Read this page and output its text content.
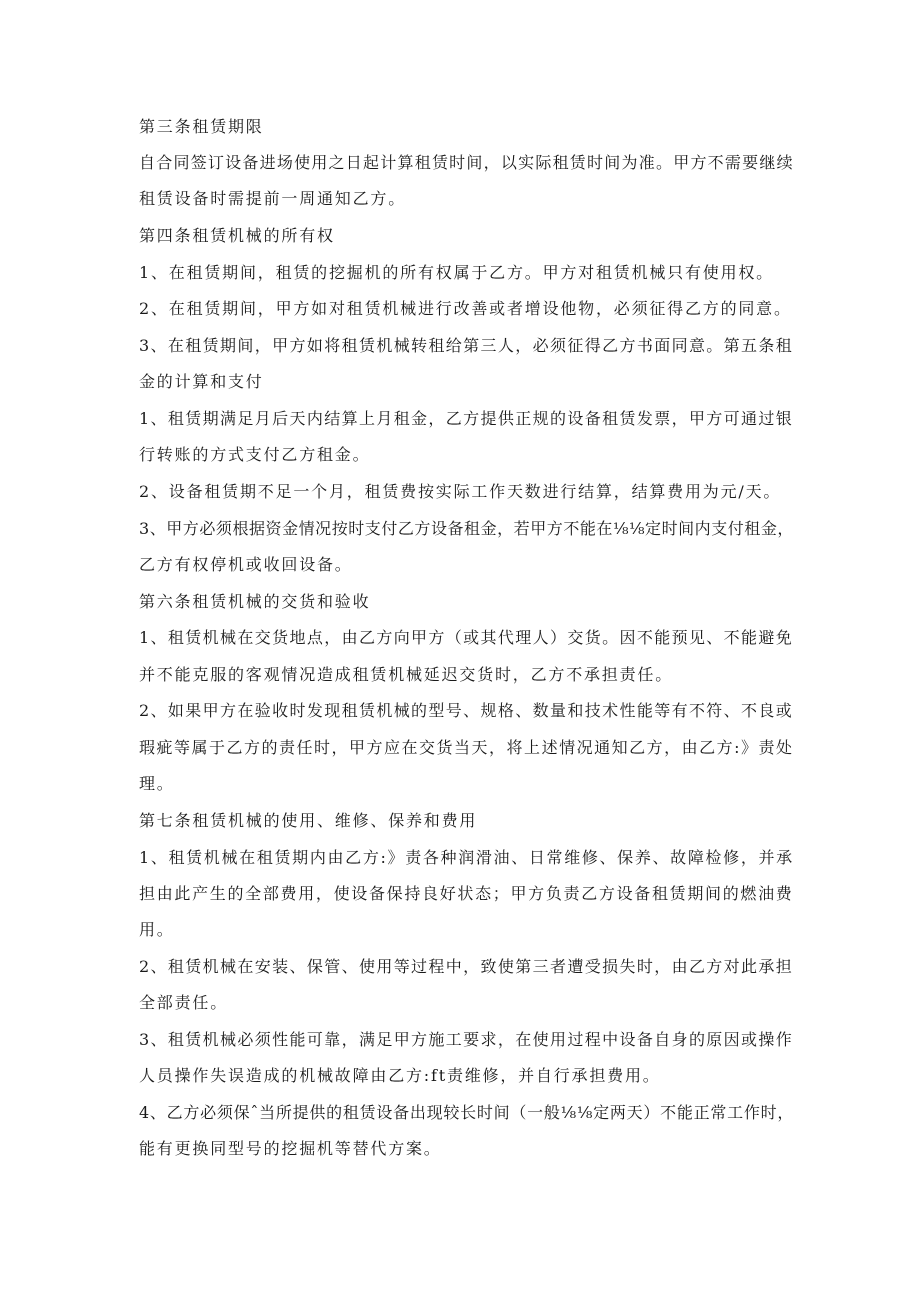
第三条租赁期限
自合同签订设备进场使用之日起计算租赁时间，以实际租赁时间为准。甲方不需要继续
租赁设备时需提前一周通知乙方。
第四条租赁机械的所有权
1、在租赁期间，租赁的挖掘机的所有权属于乙方。甲方对租赁机械只有使用权。
2、在租赁期间，甲方如对租赁机械进行改善或者增设他物，必须征得乙方的同意。
3、在租赁期间，甲方如将租赁机械转租给第三人，必须征得乙方书面同意。第五条租
金的计算和支付
1、租赁期满足月后天内结算上月租金，乙方提供正规的设备租赁发票，甲方可通过银
行转账的方式支付乙方租金。
2、设备租赁期不足一个月，租赁费按实际工作天数进行结算，结算费用为元/天。
3、甲方必须根据资金情况按时支付乙方设备租金，若甲方不能在⅛⅛定时间内支付租金，
乙方有权停机或收回设备。
第六条租赁机械的交货和验收
1、租赁机械在交货地点，由乙方向甲方（或其代理人）交货。因不能预见、不能避免
并不能克服的客观情况造成租赁机械延迟交货时，乙方不承担责任。
2、如果甲方在验收时发现租赁机械的型号、规格、数量和技术性能等有不符、不良或
瑕疵等属于乙方的责任时，甲方应在交货当天，将上述情况通知乙方，由乙方:》责处
理。
第七条租赁机械的使用、维修、保养和费用
1、租赁机械在租赁期内由乙方:》责各种润滑油、日常维修、保养、故障检修，并承
担由此产生的全部费用，使设备保持良好状态；甲方负责乙方设备租赁期间的燃油费
用。
2、租赁机械在安装、保管、使用等过程中，致使第三者遭受损失时，由乙方对此承担
全部责任。
3、租赁机械必须性能可靠，满足甲方施工要求，在使用过程中设备自身的原因或操作
人员操作失误造成的机械故障由乙方:ft责维修，并自行承担费用。
4、乙方必须保ˆ当所提供的租赁设备出现较长时间（一般⅛⅛定两天）不能正常工作时，
能有更换同型号的挖掘机等替代方案。
